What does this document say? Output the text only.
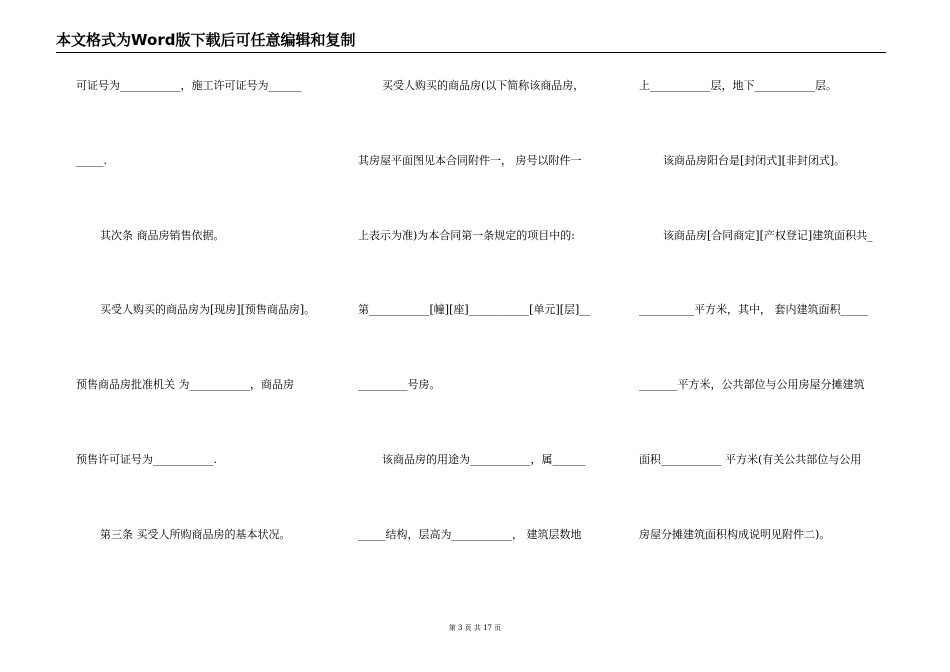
本文格式为Word版下载后可任意编辑和复制
可证号为___________，施工许可证号为______
_____.
其次条 商品房销售依据。
买受人购买的商品房为[现房][预售商品房]。
预售商品房批准机关 为___________，商品房
预售许可证号为___________.
第三条 买受人所购商品房的基本状况。
买受人购买的商品房(以下简称该商品房，
其房屋平面图见本合同附件一， 房号以附件一
上表示为准)为本合同第一条规定的项目中的:
第___________[幢][座]___________[单元][层]__
_________号房。
该商品房的用途为___________，属______
_____结构，层高为___________， 建筑层数地
上___________层，地下___________层。
该商品房阳台是[封闭式][非封闭式]。
该商品房[合同商定][产权登记]建筑面积共_
__________平方米，其中， 套内建筑面积_____
_______平方米，公共部位与公用房屋分摊建筑
面积___________ 平方米(有关公共部位与公用
房屋分摊建筑面积构成说明见附件二)。
第 3 页 共 17 页
